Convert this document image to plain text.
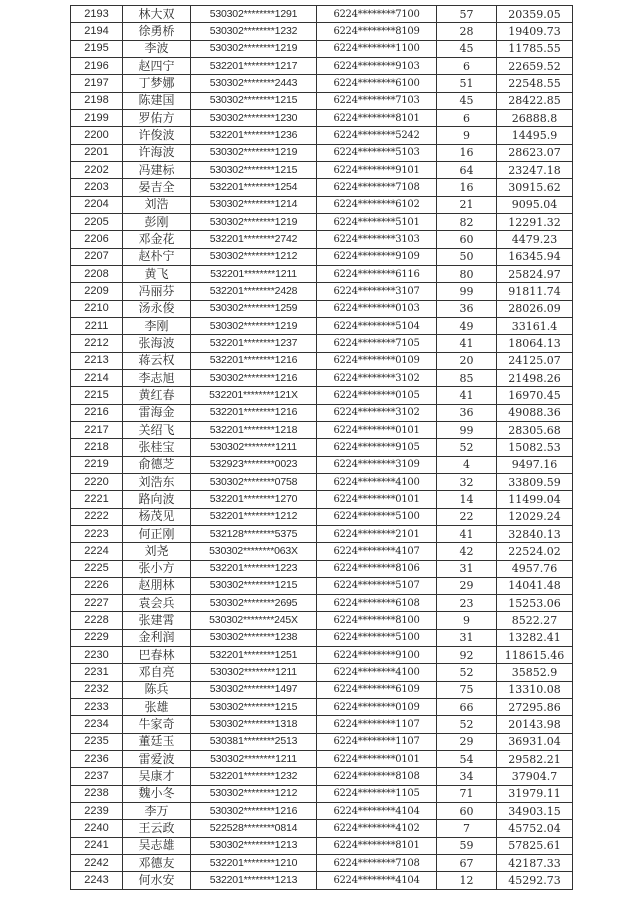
2193	林大双	530302********1291	6224********7100	57	20359.05
2194	徐勇桥	530302********1232	6224********8109	28	19409.73
2195	李波	530302********1219	6224********1100	45	11785.55
2196	赵四宁	532201********1217	6224********9103	6	22659.52
2197	丁梦娜	530302********2443	6224********6100	51	22548.55
2198	陈建国	530302********1215	6224********7103	45	28422.85
2199	罗佑方	530302********1230	6224********8101	6	26888.8
2200	许俊波	532201********1236	6224********5242	9	14495.9
2201	许海波	530302********1219	6224********5103	16	28623.07
2202	冯建标	530302********1215	6224********9101	64	23247.18
2203	晏吉全	532201********1254	6224********7108	16	30915.62
2204	刘浩	530302********1214	6224********6102	21	9095.04
2205	彭刚	530302********1219	6224********5101	82	12291.32
2206	邓金花	532201********2742	6224********3103	60	4479.23
2207	赵朴宁	530302********1212	6224********9109	50	16345.94
2208	黄飞	532201********1211	6224********6116	80	25824.97
2209	冯丽芬	532201********2428	6224********3107	99	91811.74
2210	汤永俊	530302********1259	6224********0103	36	28026.09
2211	李刚	530302********1219	6224********5104	49	33161.4
2212	张海波	532201********1237	6224********7105	41	18064.13
2213	蒋云权	532201********1216	6224********0109	20	24125.07
2214	李志旭	530302********1216	6224********3102	85	21498.26
2215	黄红春	532201********121X	6224********0105	41	16970.45
2216	雷海金	532201********1216	6224********3102	36	49088.36
2217	关绍飞	532201********1218	6224********0101	99	28305.68
2218	张桂宝	530302********1211	6224********9105	52	15082.53
2219	俞德芝	532923********0023	6224********3109	4	9497.16
2220	刘浩东	530302********0758	6224********4100	32	33809.59
2221	路向波	532201********1270	6224********0101	14	11499.04
2222	杨茂见	532201********1212	6224********5100	22	12029.24
2223	何正刚	532128********5375	6224********2101	41	32840.13
2224	刘尧	530302********063X	6224********4107	42	22524.02
2225	张小方	532201********1223	6224********8106	31	4957.76
2226	赵朋林	530302********1215	6224********5107	29	14041.48
2227	袁会兵	530302********2695	6224********6108	23	15253.06
2228	张建霄	530302********245X	6224********8100	9	8522.27
2229	金利润	530302********1238	6224********5100	31	13282.41
2230	巴春林	532201********1251	6224********9100	92	118615.46
2231	邓自亮	530302********1211	6224********4100	52	35852.9
2232	陈兵	530302********1497	6224********6109	75	13310.08
2233	张雄	530302********1215	6224********0109	66	27295.86
2234	牛家奇	530302********1318	6224********1107	52	20143.98
2235	董廷玉	530381********2513	6224********1107	29	36931.04
2236	雷爱波	530302********1211	6224********0101	54	29582.21
2237	吴康才	532201********1232	6224********8108	34	37904.7
2238	魏小冬	530302********1212	6224********1105	71	31979.11
2239	李万	530302********1216	6224********4104	60	34903.15
2240	王云政	522528********0814	6224********4102	7	45752.04
2241	吴志雄	530302********1213	6224********8101	59	57825.61
2242	邓德友	532201********1210	6224********7108	67	42187.33
2243	何水安	532201********1213	6224********4104	12	45292.73
